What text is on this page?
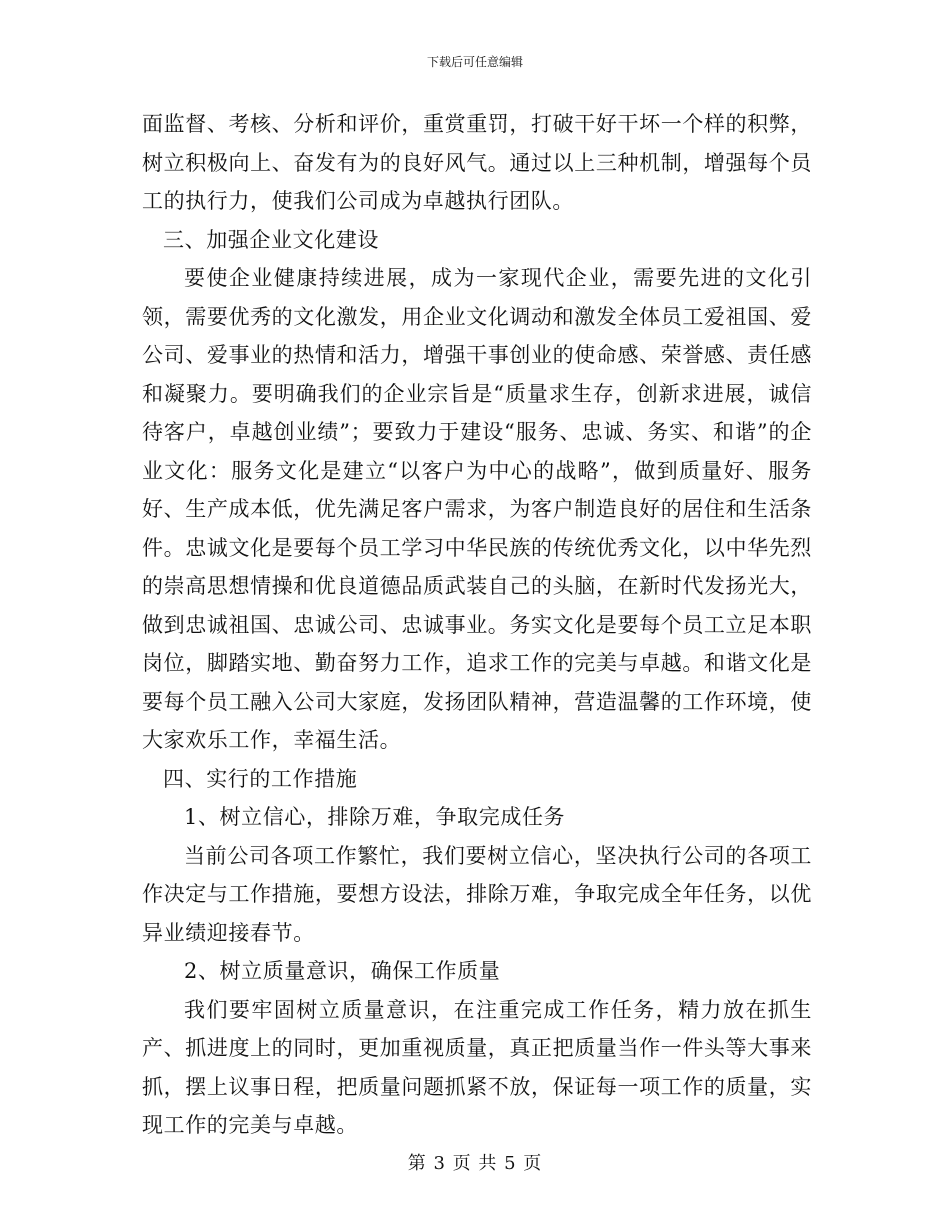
下载后可任意编辑

面监督、考核、分析和评价，重赏重罚，打破干好干坏一个样的积弊，树立积极向上、奋发有为的良好风气。通过以上三种机制，增强每个员工的执行力，使我们公司成为卓越执行团队。

三、加强企业文化建设

要使企业健康持续进展，成为一家现代企业，需要先进的文化引领，需要优秀的文化激发，用企业文化调动和激发全体员工爱祖国、爱公司、爱事业的热情和活力，增强干事创业的使命感、荣誉感、责任感和凝聚力。要明确我们的企业宗旨是“质量求生存，创新求进展，诚信待客户，卓越创业绩”；要致力于建设“服务、忠诚、务实、和谐”的企业文化：服务文化是建立“以客户为中心的战略”，做到质量好、服务好、生产成本低，优先满足客户需求，为客户制造良好的居住和生活条件。忠诚文化是要每个员工学习中华民族的传统优秀文化，以中华先烈的崇高思想情操和优良道德品质武装自己的头脑，在新时代发扬光大，做到忠诚祖国、忠诚公司、忠诚事业。务实文化是要每个员工立足本职岗位，脚踏实地、勤奋努力工作，追求工作的完美与卓越。和谐文化是要每个员工融入公司大家庭，发扬团队精神，营造温馨的工作环境，使大家欢乐工作，幸福生活。

四、实行的工作措施

1、树立信心，排除万难，争取完成任务

当前公司各项工作繁忙，我们要树立信心，坚决执行公司的各项工作决定与工作措施，要想方设法，排除万难，争取完成全年任务，以优异业绩迎接春节。

2、树立质量意识，确保工作质量

我们要牢固树立质量意识，在注重完成工作任务，精力放在抓生产、抓进度上的同时，更加重视质量，真正把质量当作一件头等大事来抓，摆上议事日程，把质量问题抓紧不放，保证每一项工作的质量，实现工作的完美与卓越。

第 3 页 共 5 页
